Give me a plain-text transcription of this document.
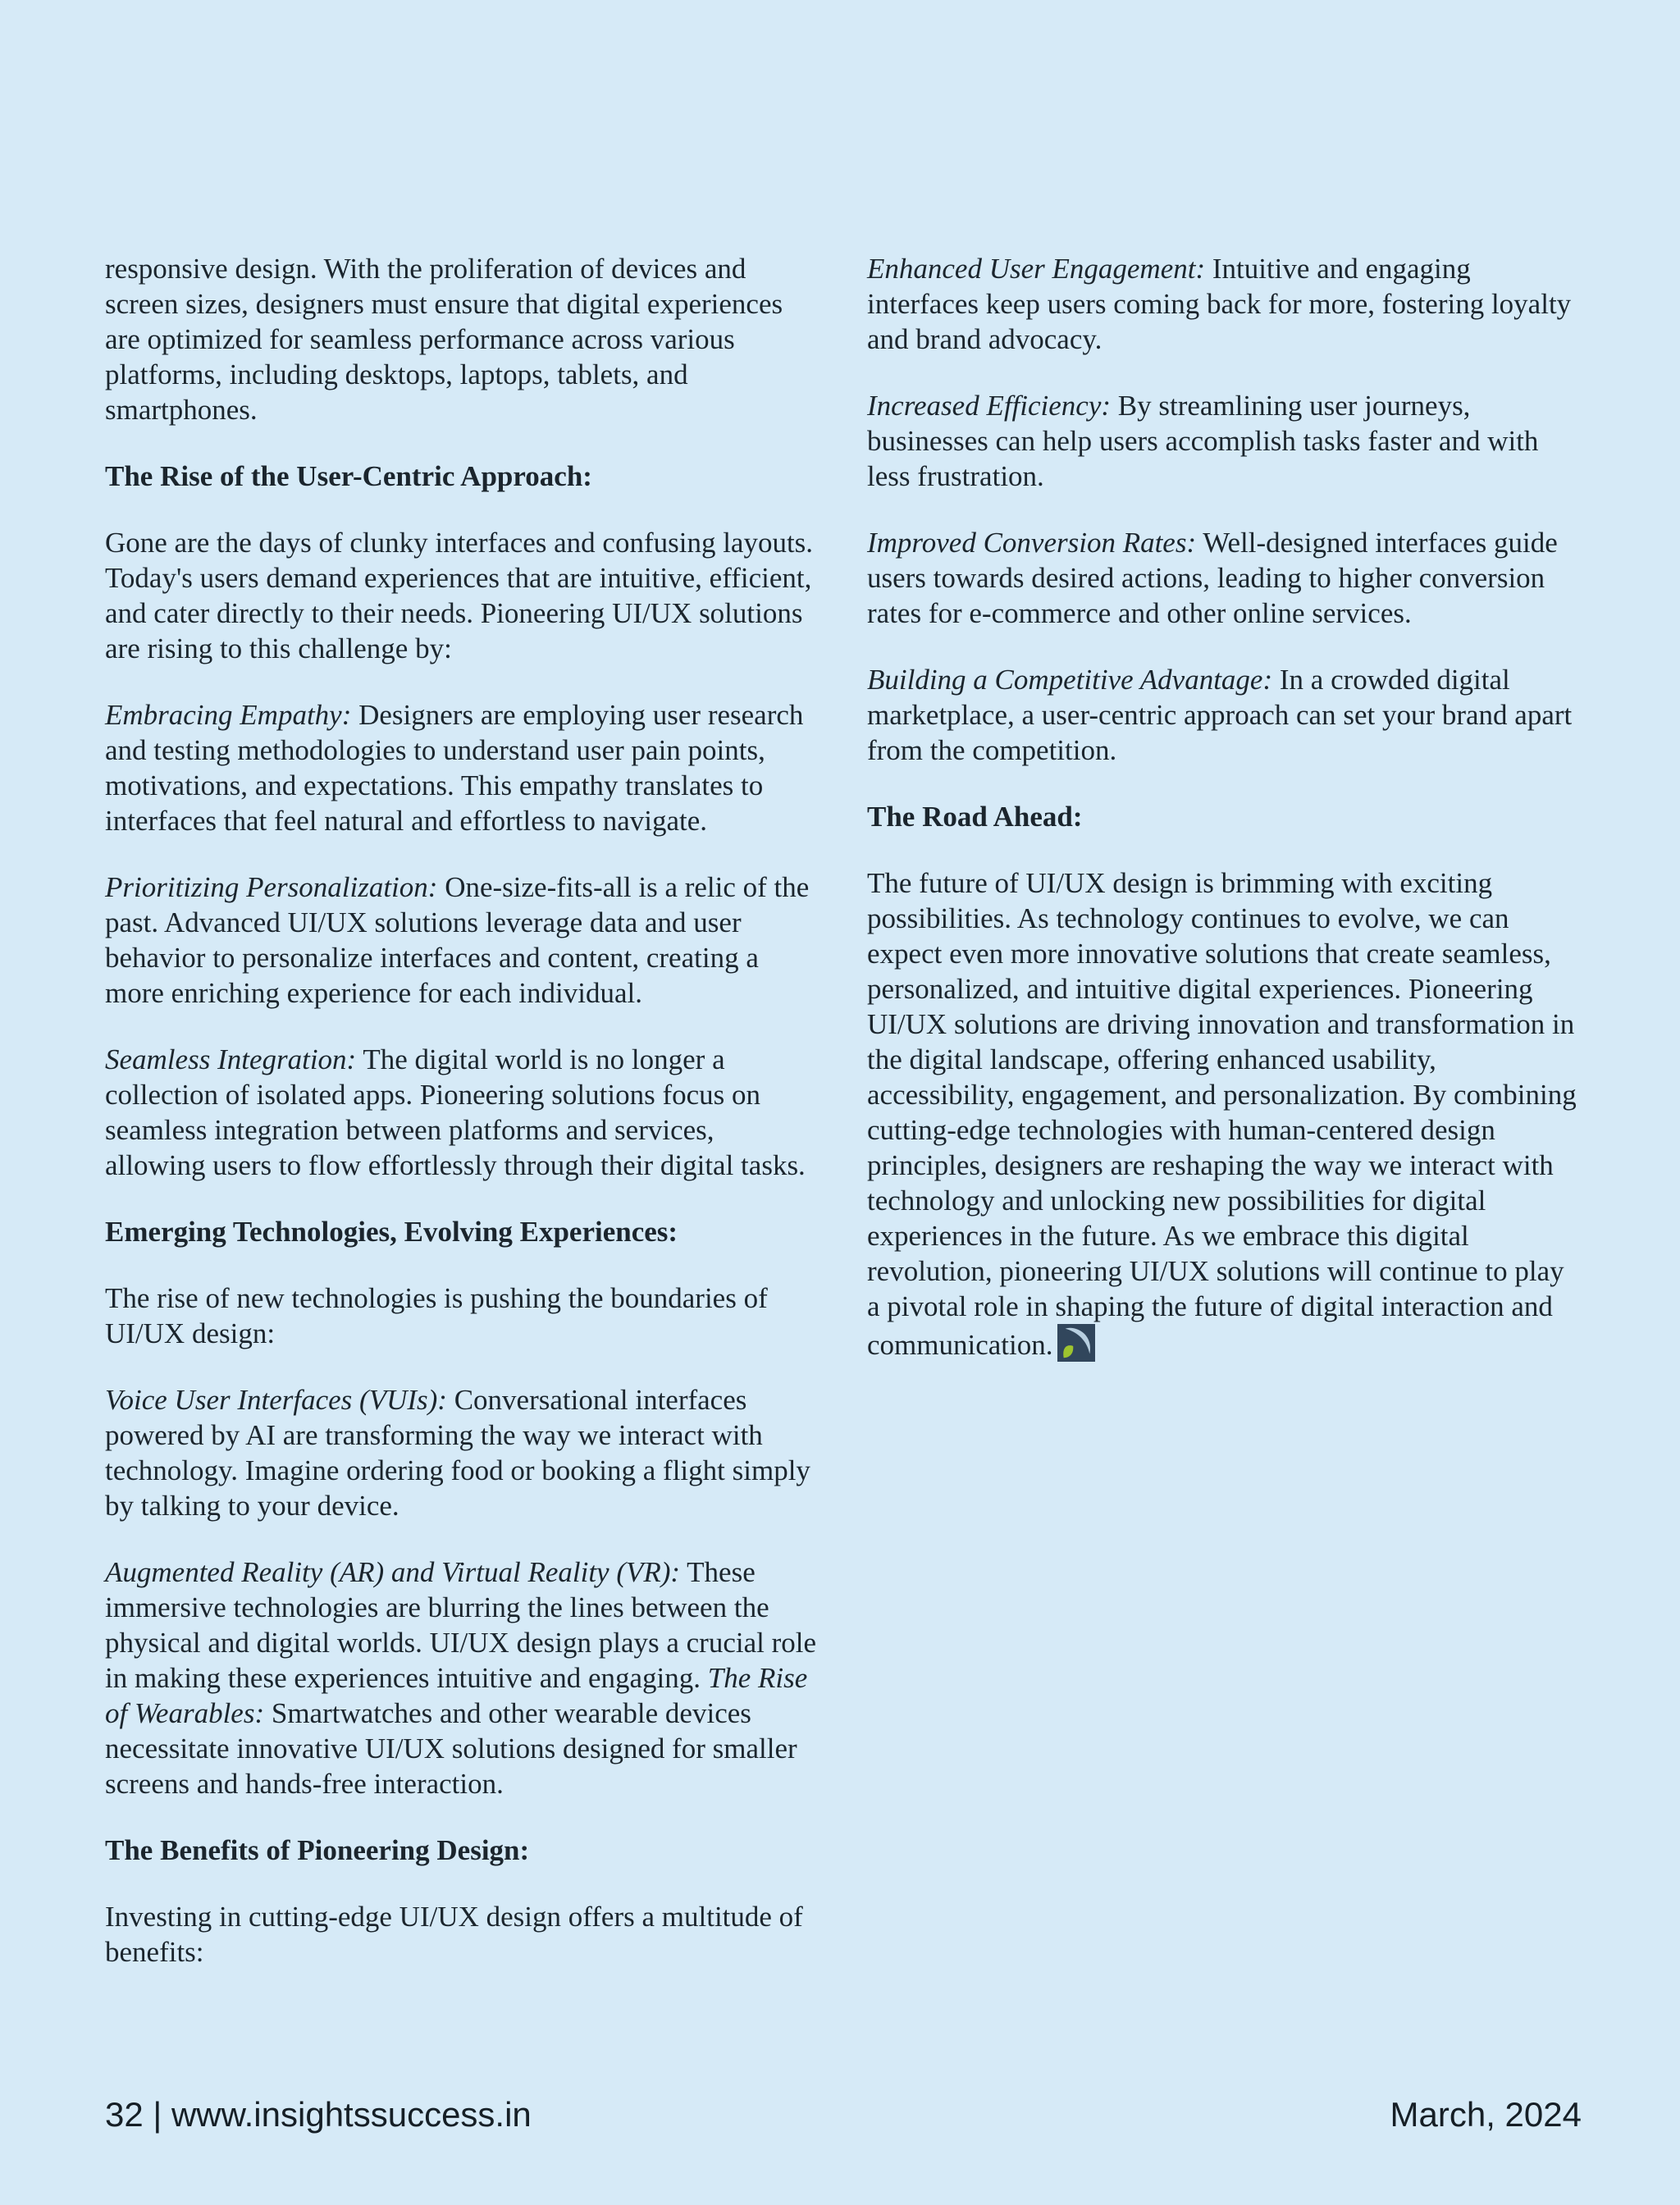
responsive design. With the proliferation of devices and screen sizes, designers must ensure that digital experiences are optimized for seamless performance across various platforms, including desktops, laptops, tablets, and smartphones.

The Rise of the User-Centric Approach:

Gone are the days of clunky interfaces and confusing layouts. Today's users demand experiences that are intuitive, efficient, and cater directly to their needs. Pioneering UI/UX solutions are rising to this challenge by:

Embracing Empathy: Designers are employing user research and testing methodologies to understand user pain points, motivations, and expectations. This empathy translates to interfaces that feel natural and effortless to navigate.

Prioritizing Personalization: One-size-fits-all is a relic of the past. Advanced UI/UX solutions leverage data and user behavior to personalize interfaces and content, creating a more enriching experience for each individual.

Seamless Integration: The digital world is no longer a collection of isolated apps. Pioneering solutions focus on seamless integration between platforms and services, allowing users to flow effortlessly through their digital tasks.

Emerging Technologies, Evolving Experiences:

The rise of new technologies is pushing the boundaries of UI/UX design:

Voice User Interfaces (VUIs): Conversational interfaces powered by AI are transforming the way we interact with technology. Imagine ordering food or booking a flight simply by talking to your device.

Augmented Reality (AR) and Virtual Reality (VR): These immersive technologies are blurring the lines between the physical and digital worlds. UI/UX design plays a crucial role in making these experiences intuitive and engaging. The Rise of Wearables: Smartwatches and other wearable devices necessitate innovative UI/UX solutions designed for smaller screens and hands-free interaction.

The Benefits of Pioneering Design:

Investing in cutting-edge UI/UX design offers a multitude of benefits:

Enhanced User Engagement: Intuitive and engaging interfaces keep users coming back for more, fostering loyalty and brand advocacy.

Increased Efficiency: By streamlining user journeys, businesses can help users accomplish tasks faster and with less frustration.

Improved Conversion Rates: Well-designed interfaces guide users towards desired actions, leading to higher conversion rates for e-commerce and other online services.

Building a Competitive Advantage: In a crowded digital marketplace, a user-centric approach can set your brand apart from the competition.

The Road Ahead:

The future of UI/UX design is brimming with exciting possibilities. As technology continues to evolve, we can expect even more innovative solutions that create seamless, personalized, and intuitive digital experiences. Pioneering UI/UX solutions are driving innovation and transformation in the digital landscape, offering enhanced usability, accessibility, engagement, and personalization. By combining cutting-edge technologies with human-centered design principles, designers are reshaping the way we interact with technology and unlocking new possibilities for digital experiences in the future. As we embrace this digital revolution, pioneering UI/UX solutions will continue to play a pivotal role in shaping the future of digital interaction and communication.

32 | www.insightssuccess.in	March, 2024
